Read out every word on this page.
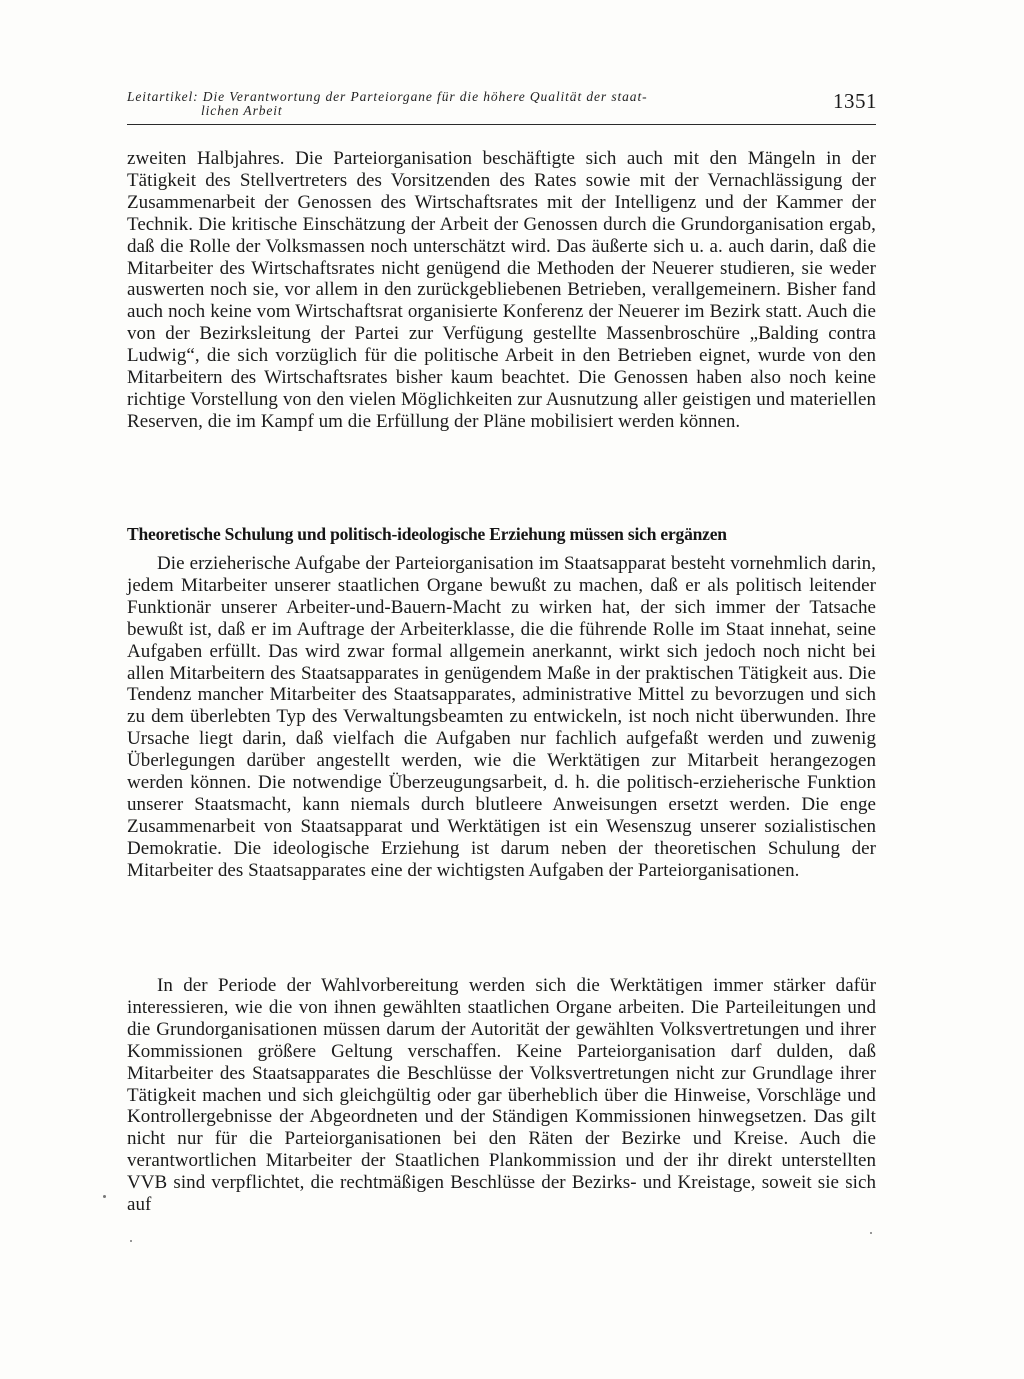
Leitartikel: Die Verantwortung der Parteiorgane für die höhere Qualität der staat-
lichen Arbeit	1351

zweiten Halbjahres. Die Parteiorganisation beschäftigte sich auch mit den Mängeln in der Tätigkeit des Stellvertreters des Vorsitzenden des Rates sowie mit der Vernachlässigung der Zusammenarbeit der Genossen des Wirtschaftsrates mit der Intelligenz und der Kammer der Technik. Die kritische Einschätzung der Arbeit der Genossen durch die Grundorganisation ergab, daß die Rolle der Volksmassen noch unterschätzt wird. Das äußerte sich u. a. auch darin, daß die Mitarbeiter des Wirtschaftsrates nicht genügend die Methoden der Neuerer studieren, sie weder auswerten noch sie, vor allem in den zurückgebliebenen Betrieben, verallgemeinern. Bisher fand auch noch keine vom Wirtschaftsrat organisierte Konferenz der Neuerer im Bezirk statt. Auch die von der Bezirksleitung der Partei zur Verfügung gestellte Massenbroschüre „Balding contra Ludwig“, die sich vorzüglich für die politische Arbeit in den Betrieben eignet, wurde von den Mitarbeitern des Wirtschaftsrates bisher kaum beachtet. Die Genossen haben also noch keine richtige Vorstellung von den vielen Möglichkeiten zur Ausnutzung aller geistigen und materiellen Reserven, die im Kampf um die Erfüllung der Pläne mobilisiert werden können.

Theoretische Schulung und politisch-ideologische Erziehung müssen sich ergänzen

Die erzieherische Aufgabe der Parteiorganisation im Staatsapparat besteht vornehmlich darin, jedem Mitarbeiter unserer staatlichen Organe bewußt zu machen, daß er als politisch leitender Funktionär unserer Arbeiter-und-Bauern-Macht zu wirken hat, der sich immer der Tatsache bewußt ist, daß er im Auftrage der Arbeiterklasse, die die führende Rolle im Staat innehat, seine Aufgaben erfüllt. Das wird zwar formal allgemein anerkannt, wirkt sich jedoch noch nicht bei allen Mitarbeitern des Staatsapparates in genügendem Maße in der praktischen Tätigkeit aus. Die Tendenz mancher Mitarbeiter des Staatsapparates, administrative Mittel zu bevorzugen und sich zu dem überlebten Typ des Verwaltungsbeamten zu entwickeln, ist noch nicht überwunden. Ihre Ursache liegt darin, daß vielfach die Aufgaben nur fachlich aufgefaßt werden und zuwenig Überlegungen darüber angestellt werden, wie die Werktätigen zur Mitarbeit herangezogen werden können. Die notwendige Überzeugungsarbeit, d. h. die politisch-erzieherische Funktion unserer Staatsmacht, kann niemals durch blutleere Anweisungen ersetzt werden. Die enge Zusammenarbeit von Staatsapparat und Werktätigen ist ein Wesenszug unserer sozialistischen Demokratie. Die ideologische Erziehung ist darum neben der theoretischen Schulung der Mitarbeiter des Staatsapparates eine der wichtigsten Aufgaben der Parteiorganisationen.

In der Periode der Wahlvorbereitung werden sich die Werktätigen immer stärker dafür interessieren, wie die von ihnen gewählten staatlichen Organe arbeiten. Die Parteileitungen und die Grundorganisationen müssen darum der Autorität der gewählten Volksvertretungen und ihrer Kommissionen größere Geltung verschaffen. Keine Parteiorganisation darf dulden, daß Mitarbeiter des Staatsapparates die Beschlüsse der Volksvertretungen nicht zur Grundlage ihrer Tätigkeit machen und sich gleichgültig oder gar überheblich über die Hinweise, Vorschläge und Kontrollergebnisse der Abgeordneten und der Ständigen Kommissionen hinwegsetzen. Das gilt nicht nur für die Parteiorganisationen bei den Räten der Bezirke und Kreise. Auch die verantwortlichen Mitarbeiter der Staatlichen Plankommission und der ihr direkt unterstellten VVB sind verpflichtet, die rechtmäßigen Beschlüsse der Bezirks- und Kreistage, soweit sie sich auf
